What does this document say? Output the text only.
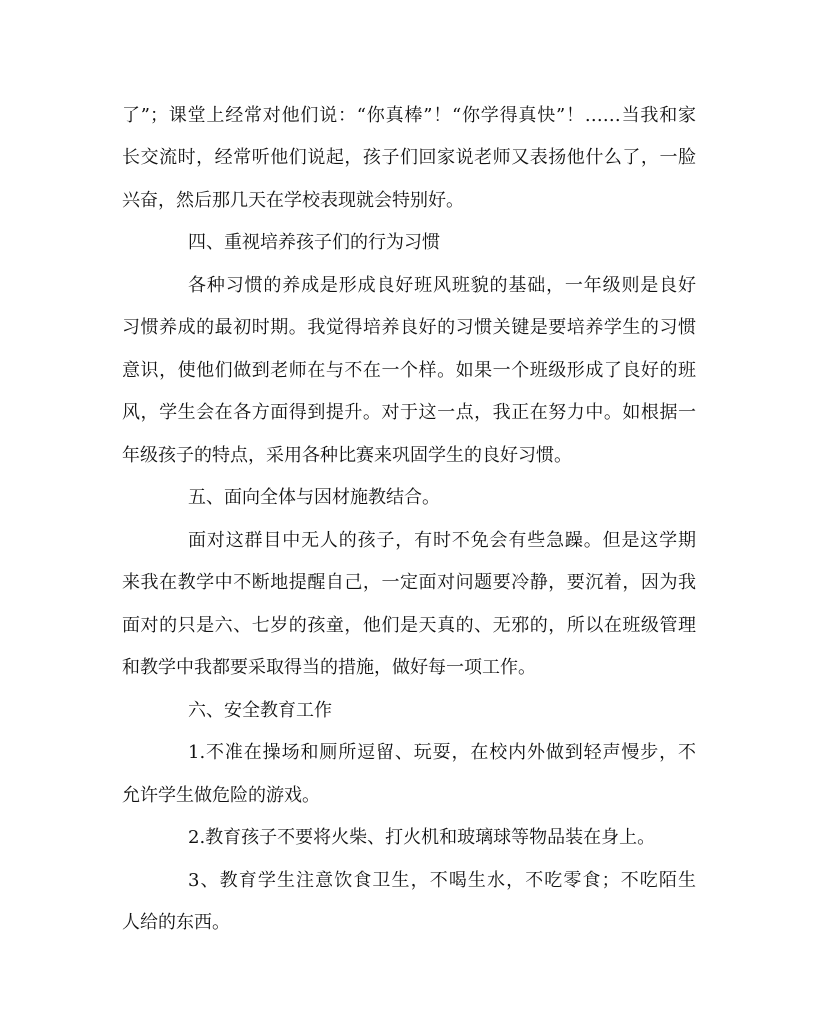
了”；课堂上经常对他们说：“你真棒”！“你学得真快”！……当我和家
长交流时，经常听他们说起，孩子们回家说老师又表扬他什么了，一脸
兴奋，然后那几天在学校表现就会特别好。
四、重视培养孩子们的行为习惯
各种习惯的养成是形成良好班风班貌的基础，一年级则是良好
习惯养成的最初时期。我觉得培养良好的习惯关键是要培养学生的习惯
意识，使他们做到老师在与不在一个样。如果一个班级形成了良好的班
风，学生会在各方面得到提升。对于这一点，我正在努力中。如根据一
年级孩子的特点，采用各种比赛来巩固学生的良好习惯。
五、面向全体与因材施教结合。
面对这群目中无人的孩子，有时不免会有些急躁。但是这学期
来我在教学中不断地提醒自己，一定面对问题要冷静，要沉着，因为我
面对的只是六、七岁的孩童，他们是天真的、无邪的，所以在班级管理
和教学中我都要采取得当的措施，做好每一项工作。
六、安全教育工作
1.不准在操场和厕所逗留、玩耍，在校内外做到轻声慢步，不
允许学生做危险的游戏。
2.教育孩子不要将火柴、打火机和玻璃球等物品装在身上。
3、教育学生注意饮食卫生，不喝生水，不吃零食；不吃陌生
人给的东西。
